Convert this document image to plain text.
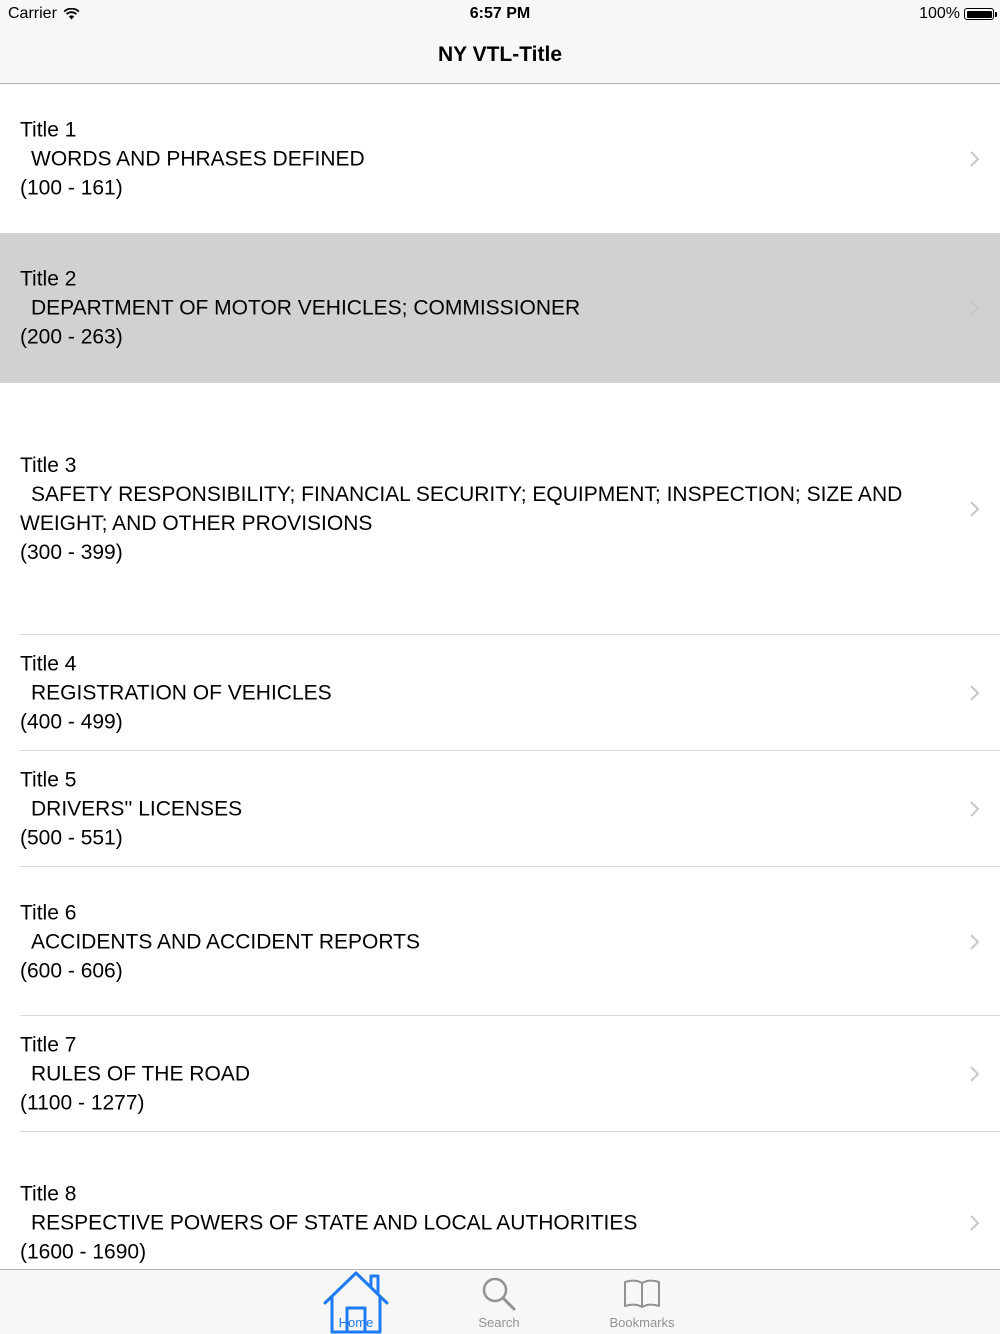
Carrier	6:57 PM	100%
NY VTL-Title
Title 1
WORDS AND PHRASES DEFINED
(100 - 161)
Title 2
DEPARTMENT OF MOTOR VEHICLES; COMMISSIONER
(200 - 263)
Title 3
SAFETY RESPONSIBILITY; FINANCIAL SECURITY; EQUIPMENT; INSPECTION; SIZE AND WEIGHT; AND OTHER PROVISIONS
(300 - 399)
Title 4
REGISTRATION OF VEHICLES
(400 - 499)
Title 5
DRIVERS'' LICENSES
(500 - 551)
Title 6
ACCIDENTS AND ACCIDENT REPORTS
(600 - 606)
Title 7
RULES OF THE ROAD
(1100 - 1277)
Title 8
RESPECTIVE POWERS OF STATE AND LOCAL AUTHORITIES
(1600 - 1690)
Home	Search	Bookmarks
